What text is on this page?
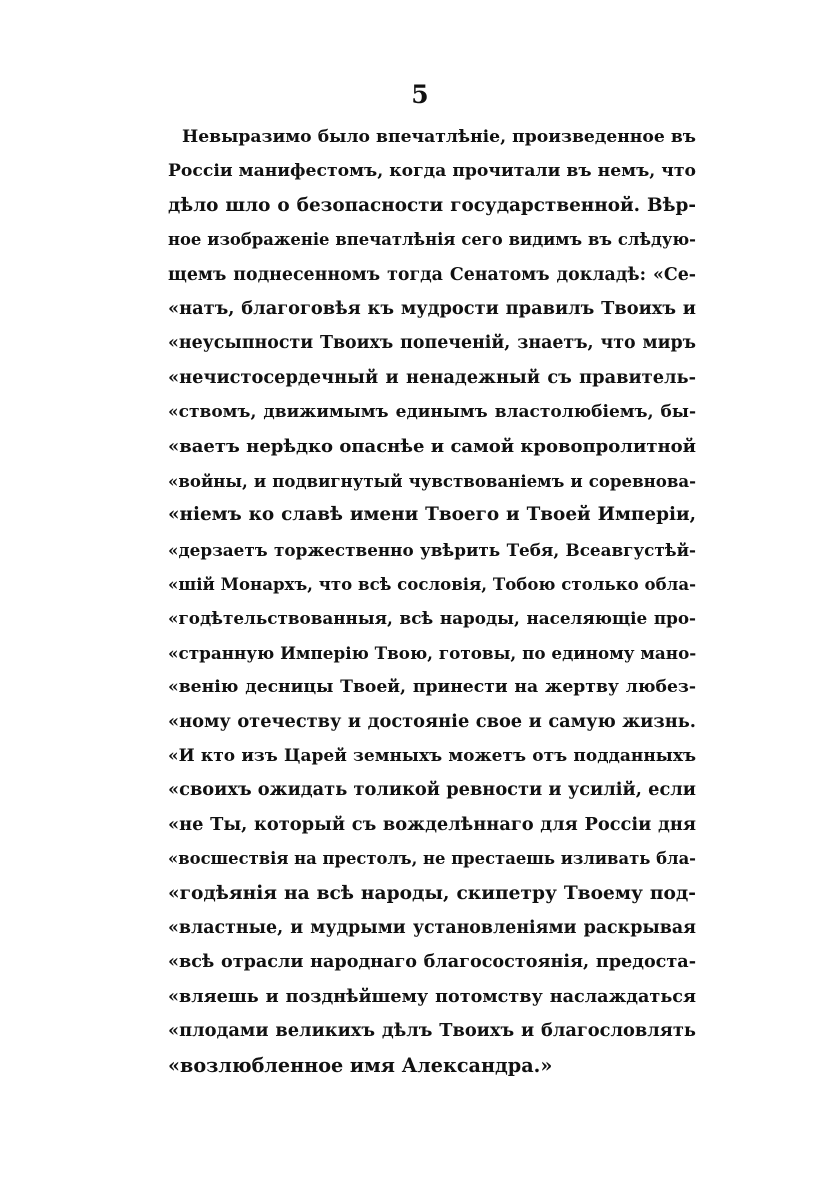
5
Невыразимо было впечатлѣніе, произведенное въ
Россіи манифестомъ, когда прочитали въ немъ, что
дѣло шло о безопасности государственной. Вѣр-
ное изображеніе впечатлѣнія сего видимъ въ слѣдую-
щемъ поднесенномъ тогда Сенатомъ докладѣ: «Се-
«натъ, благоговѣя къ мудрости правилъ Твоихъ и
«неусыпности Твоихъ попеченій, знаетъ, что миръ
«нечистосердечный и ненадежный съ правитель-
«ствомъ, движимымъ единымъ властолюбіемъ, бы-
«ваетъ нерѣдко опаснѣе и самой кровопролитной
«войны, и подвигнутый чувствованіемъ и соревнова-
«ніемъ ко славѣ имени Твоего и Твоей Имперіи,
«дерзаетъ торжественно увѣрить Тебя, Всеавгустѣй-
«шій Монархъ, что всѣ сословія, Тобою столько обла-
«годѣтельствованныя, всѣ народы, населяющіе про-
«странную Имперію Твою, готовы, по единому мано-
«венію десницы Твоей, принести на жертву любез-
«ному отечеству и достояніе свое и самую жизнь.
«И кто изъ Царей земныхъ можетъ отъ подданныхъ
«своихъ ожидать толикой ревности и усилій, если
«не Ты, который съ вожделѣннаго для Россіи дня
«восшествія на престолъ, не престаешь изливать бла-
«годѣянія на всѣ народы, скипетру Твоему под-
«властные, и мудрыми установленіями раскрывая
«всѣ отрасли народнаго благосостоянія, предоста-
«вляешь и позднѣйшему потомству наслаждаться
«плодами великихъ дѣлъ Твоихъ и благословлять
«возлюбленное имя Александра.»
